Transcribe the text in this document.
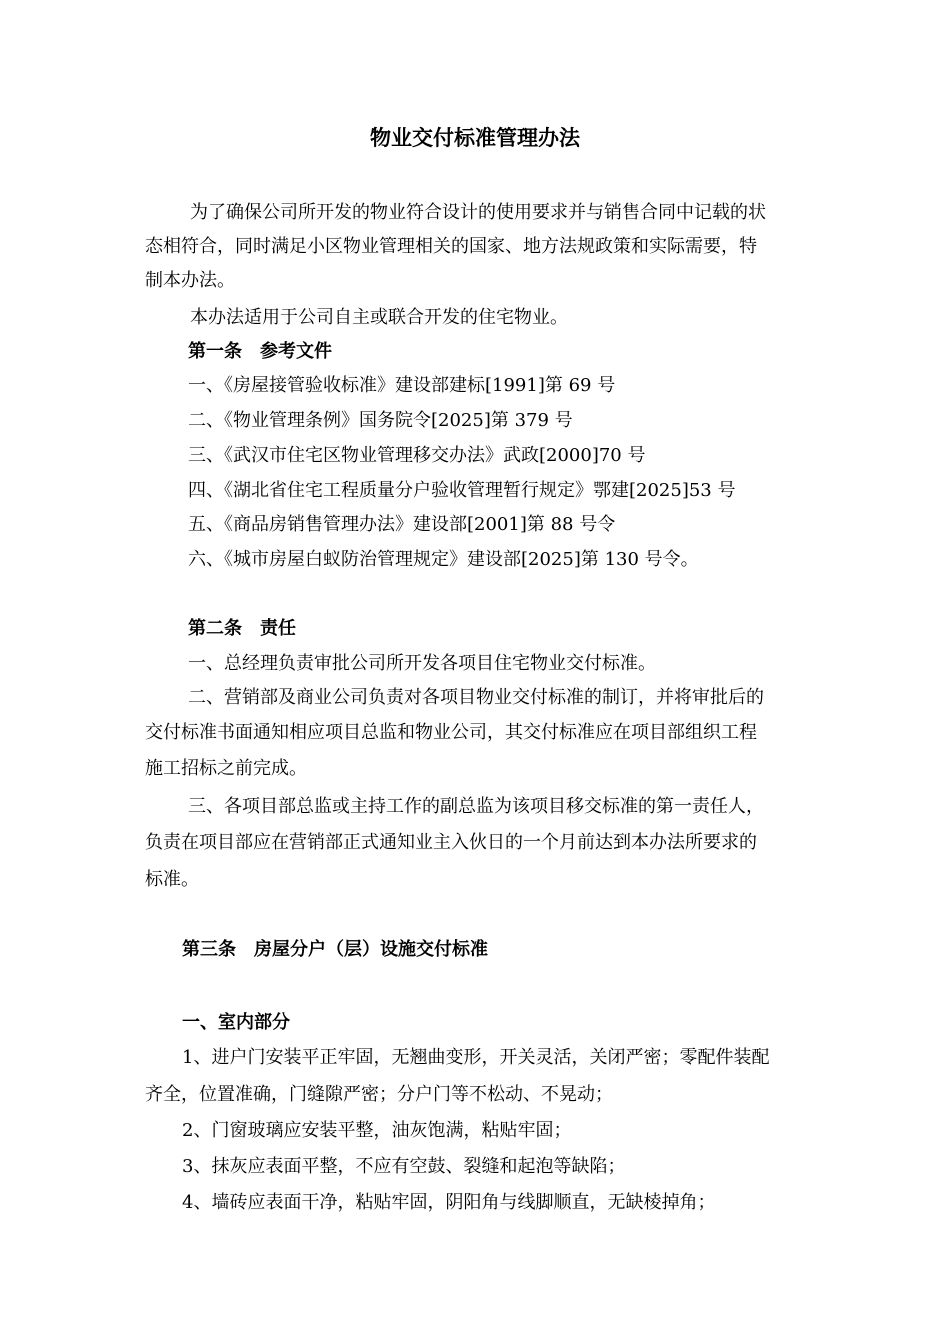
物业交付标准管理办法
为了确保公司所开发的物业符合设计的使用要求并与销售合同中记载的状
态相符合，同时满足小区物业管理相关的国家、地方法规政策和实际需要，特
制本办法。
本办法适用于公司自主或联合开发的住宅物业。
第一条　参考文件
一、《房屋接管验收标准》建设部建标[1991]第 69 号
二、《物业管理条例》国务院令[2025]第 379 号
三、《武汉市住宅区物业管理移交办法》武政[2000]70 号
四、《湖北省住宅工程质量分户验收管理暂行规定》鄂建[2025]53 号
五、《商品房销售管理办法》建设部[2001]第 88 号令
六、《城市房屋白蚁防治管理规定》建设部[2025]第 130 号令。
第二条　责任
一、总经理负责审批公司所开发各项目住宅物业交付标准。
二、营销部及商业公司负责对各项目物业交付标准的制订，并将审批后的
交付标准书面通知相应项目总监和物业公司，其交付标准应在项目部组织工程
施工招标之前完成。
三、各项目部总监或主持工作的副总监为该项目移交标准的第一责任人，
负责在项目部应在营销部正式通知业主入伙日的一个月前达到本办法所要求的
标准。
第三条　房屋分户（层）设施交付标准
一、室内部分
1、进户门安装平正牢固，无翘曲变形，开关灵活，关闭严密；零配件装配
齐全，位置准确，门缝隙严密；分户门等不松动、不晃动；
2、门窗玻璃应安装平整，油灰饱满，粘贴牢固；
3、抹灰应表面平整，不应有空鼓、裂缝和起泡等缺陷；
4、墙砖应表面干净，粘贴牢固，阴阳角与线脚顺直，无缺棱掉角；
